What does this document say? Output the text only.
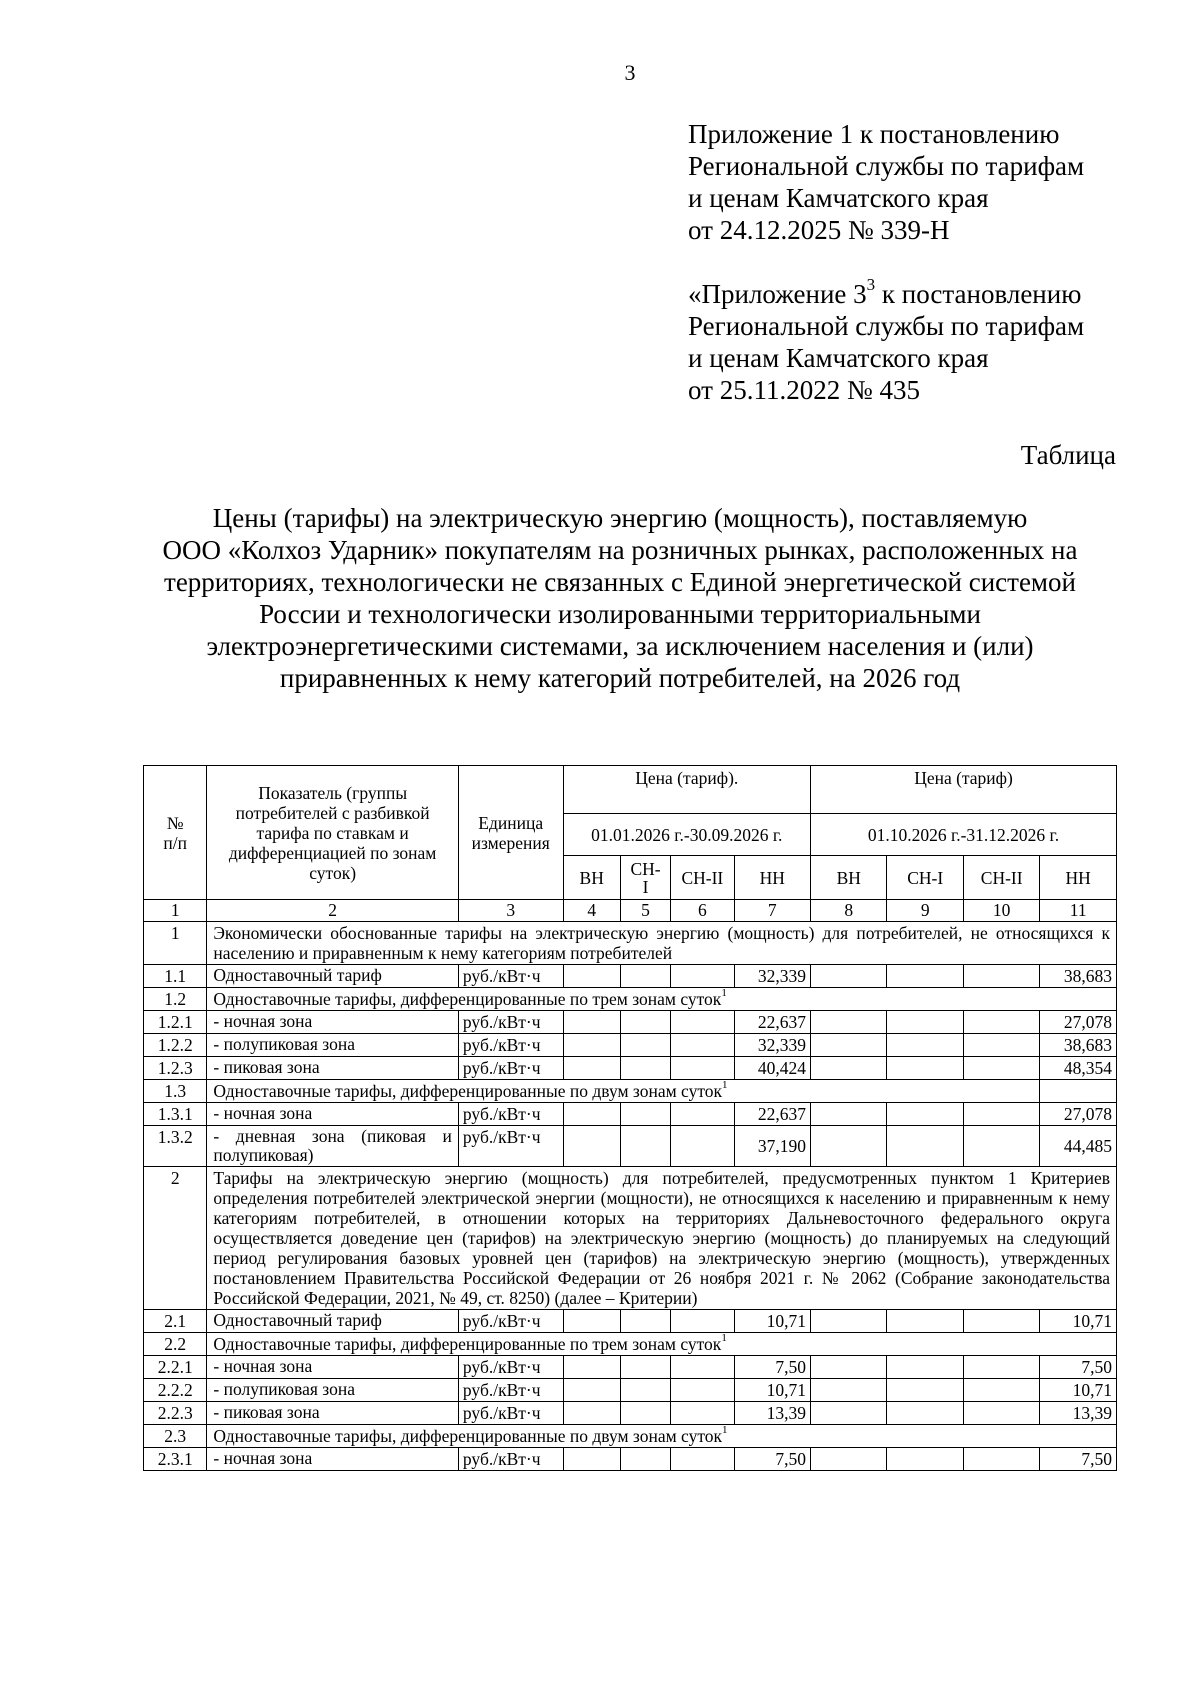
3
Приложение 1 к постановлению
Региональной службы по тарифам
и ценам Камчатского края
от 24.12.2025 № 339-Н
«Приложение $3^3$ к постановлению
Региональной службы по тарифам
и ценам Камчатского края
от 25.11.2022 № 435
Таблица
Цены (тарифы) на электрическую энергию (мощность), поставляемую
ООО «Колхоз Ударник» покупателям на розничных рынках, расположенных на
территориях, технологически не связанных с Единой энергетической системой
России и технологически изолированными территориальными
электроэнергетическими системами, за исключением населения и (или)
приравненных к нему категорий потребителей, на 2026 год
№ п/п	Показатель (группы потребителей с разбивкой тарифа по ставкам и дифференциацией по зонам суток)	Единица измерения	Цена (тариф).				Цена (тариф)			
			01.01.2026 г.-30.09.2026 г.				01.10.2026 г.-31.12.2026 г.			
			ВН	СН-I	СН-II	НН	ВН	СН-I	СН-II	НН
1	2	3	4	5	6	7	8	9	10	11
1	Экономически обоснованные тарифы на электрическую энергию (мощность) для потребителей, не относящихся к населению и приравненным к нему категориям потребителей									
1.1	Одноставочный тариф	руб./кВт·ч				32,339				38,683
1.2	Одноставочные тарифы, дифференцированные по трем зонам суток$^1$
1.2.1	- ночная зона	руб./кВт·ч				22,637				27,078
1.2.2	- полупиковая зона	руб./кВт·ч				32,339				38,683
1.2.3	- пиковая зона	руб./кВт·ч				40,424				48,354
1.3	Одноставочные тарифы, дифференцированные по двум зонам суток$^1$	
1.3.1	- ночная зона	руб./кВт·ч				22,637				27,078
1.3.2	- дневная зона (пиковая и полупиковая)	руб./кВт·ч				37,190				44,485
2	Тарифы на электрическую энергию (мощность) для потребителей, предусмотренных пунктом 1 Критериев определения потребителей электрической энергии (мощности), не относящихся к населению и приравненным к нему категориям потребителей, в отношении которых на территориях Дальневосточного федерального округа осуществляется доведение цен (тарифов) на электрическую энергию (мощность) до планируемых на следующий период регулирования базовых уровней цен (тарифов) на электрическую энергию (мощность), утвержденных постановлением Правительства Российской Федерации от 26 ноября 2021 г. № 2062 (Собрание законодательства Российской Федерации, 2021, № 49, ст. 8250) (далее – Критерии)									
2.1	Одноставочный тариф	руб./кВт·ч				10,71				10,71
2.2	Одноставочные тарифы, дифференцированные по трем зонам суток$^1$
2.2.1	- ночная зона	руб./кВт·ч				7,50				7,50
2.2.2	- полупиковая зона	руб./кВт·ч				10,71				10,71
2.2.3	- пиковая зона	руб./кВт·ч				13,39				13,39
2.3	Одноставочные тарифы, дифференцированные по двум зонам суток$^1$
2.3.1	- ночная зона	руб./кВт·ч				7,50				7,50
